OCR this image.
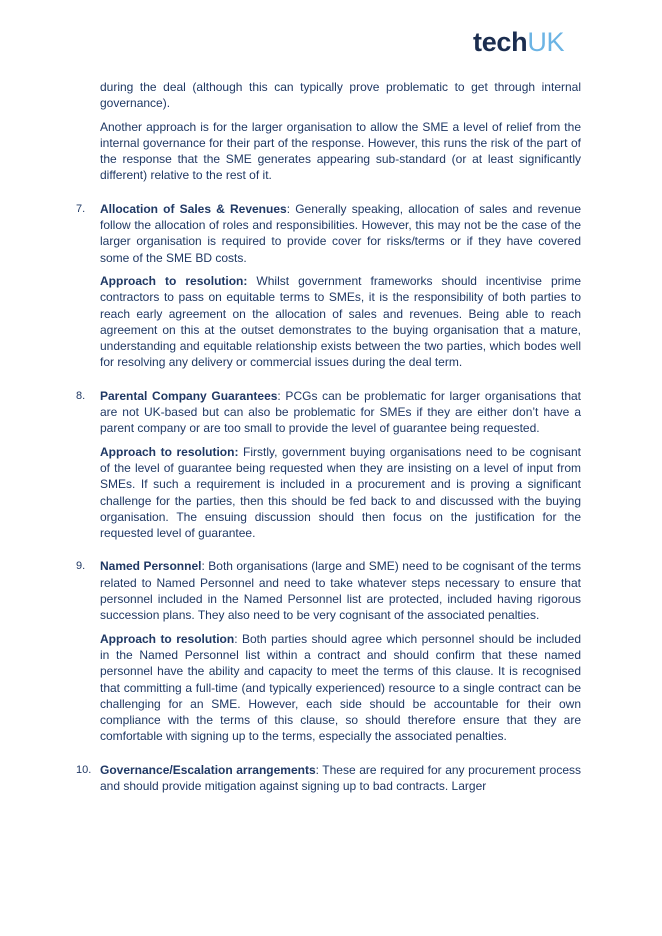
techUK

during the deal (although this can typically prove problematic to get through internal governance).

Another approach is for the larger organisation to allow the SME a level of relief from the internal governance for their part of the response. However, this runs the risk of the part of the response that the SME generates appearing sub-standard (or at least significantly different) relative to the rest of it.

7. Allocation of Sales & Revenues: Generally speaking, allocation of sales and revenue follow the allocation of roles and responsibilities. However, this may not be the case of the larger organisation is required to provide cover for risks/terms or if they have covered some of the SME BD costs.

Approach to resolution: Whilst government frameworks should incentivise prime contractors to pass on equitable terms to SMEs, it is the responsibility of both parties to reach early agreement on the allocation of sales and revenues. Being able to reach agreement on this at the outset demonstrates to the buying organisation that a mature, understanding and equitable relationship exists between the two parties, which bodes well for resolving any delivery or commercial issues during the deal term.

8. Parental Company Guarantees: PCGs can be problematic for larger organisations that are not UK-based but can also be problematic for SMEs if they are either don’t have a parent company or are too small to provide the level of guarantee being requested.

Approach to resolution: Firstly, government buying organisations need to be cognisant of the level of guarantee being requested when they are insisting on a level of input from SMEs. If such a requirement is included in a procurement and is proving a significant challenge for the parties, then this should be fed back to and discussed with the buying organisation. The ensuing discussion should then focus on the justification for the requested level of guarantee.

9. Named Personnel: Both organisations (large and SME) need to be cognisant of the terms related to Named Personnel and need to take whatever steps necessary to ensure that personnel included in the Named Personnel list are protected, included having rigorous succession plans. They also need to be very cognisant of the associated penalties.

Approach to resolution: Both parties should agree which personnel should be included in the Named Personnel list within a contract and should confirm that these named personnel have the ability and capacity to meet the terms of this clause. It is recognised that committing a full-time (and typically experienced) resource to a single contract can be challenging for an SME. However, each side should be accountable for their own compliance with the terms of this clause, so should therefore ensure that they are comfortable with signing up to the terms, especially the associated penalties.

10. Governance/Escalation arrangements: These are required for any procurement process and should provide mitigation against signing up to bad contracts. Larger
